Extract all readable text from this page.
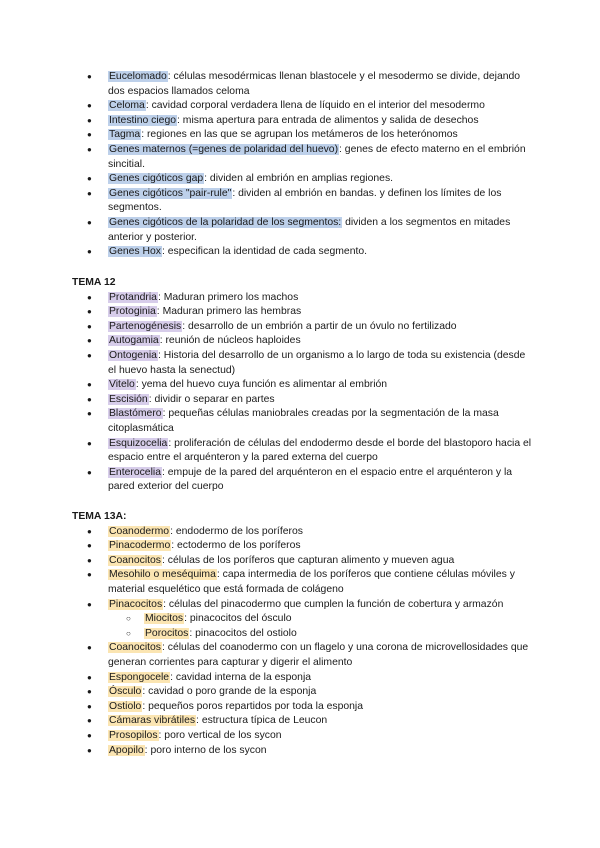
● Eucelomado: células mesodérmicas llenan blastocele y el mesodermo se divide, dejando dos espacios llamados celoma
● Celoma: cavidad corporal verdadera llena de líquido en el interior del mesodermo
● Intestino ciego: misma apertura para entrada de alimentos y salida de desechos
● Tagma: regiones en las que se agrupan los metámeros de los heterónomos
● Genes maternos (=genes de polaridad del huevo): genes de efecto materno en el embrión sincitial.
● Genes cigóticos gap: dividen al embrión en amplias regiones.
● Genes cigóticos "pair-rule": dividen al embrión en bandas. y definen los límites de los segmentos.
● Genes cigóticos de la polaridad de los segmentos: dividen a los segmentos en mitades anterior y posterior.
● Genes Hox: especifican la identidad de cada segmento.

TEMA 12

● Protandria: Maduran primero los machos
● Protoginia: Maduran primero las hembras
● Partenogénesis: desarrollo de un embrión a partir de un óvulo no fertilizado
● Autogamia: reunión de núcleos haploides
● Ontogenia: Historia del desarrollo de un organismo a lo largo de toda su existencia (desde el huevo hasta la senectud)
● Vitelo: yema del huevo cuya función es alimentar al embrión
● Escisión: dividir o separar en partes
● Blastómero: pequeñas células maniobrales creadas por la segmentación de la masa citoplasmática
● Esquizocelia: proliferación de células del endodermo desde el borde del blastoporo hacia el espacio entre el arquénteron y la pared externa del cuerpo
● Enterocelia: empuje de la pared del arquénteron en el espacio entre el arquénteron y la pared exterior del cuerpo

TEMA 13A:

● Coanodermo: endodermo de los poríferos
● Pinacodermo: ectodermo de los poríferos
● Coanocitos: células de los poríferos que capturan alimento y mueven agua
● Mesohilo o meséquima: capa intermedia de los poríferos que contiene células móviles y material esquelético que está formada de colágeno
● Pinacocitos: células del pinacodermo que cumplen la función de cobertura y armazón
○ Miocitos: pinacocitos del ósculo
○ Porocitos: pinacocitos del ostiolo
● Coanocitos: células del coanodermo con un flagelo y una corona de microvellosidades que generan corrientes para capturar y digerir el alimento
● Espongocele: cavidad interna de la esponja
● Ósculo: cavidad o poro grande de la esponja
● Ostiolo: pequeños poros repartidos por toda la esponja
● Cámaras vibrátiles: estructura típica de Leucon
● Prosopilos: poro vertical de los sycon
● Apopilo: poro interno de los sycon
